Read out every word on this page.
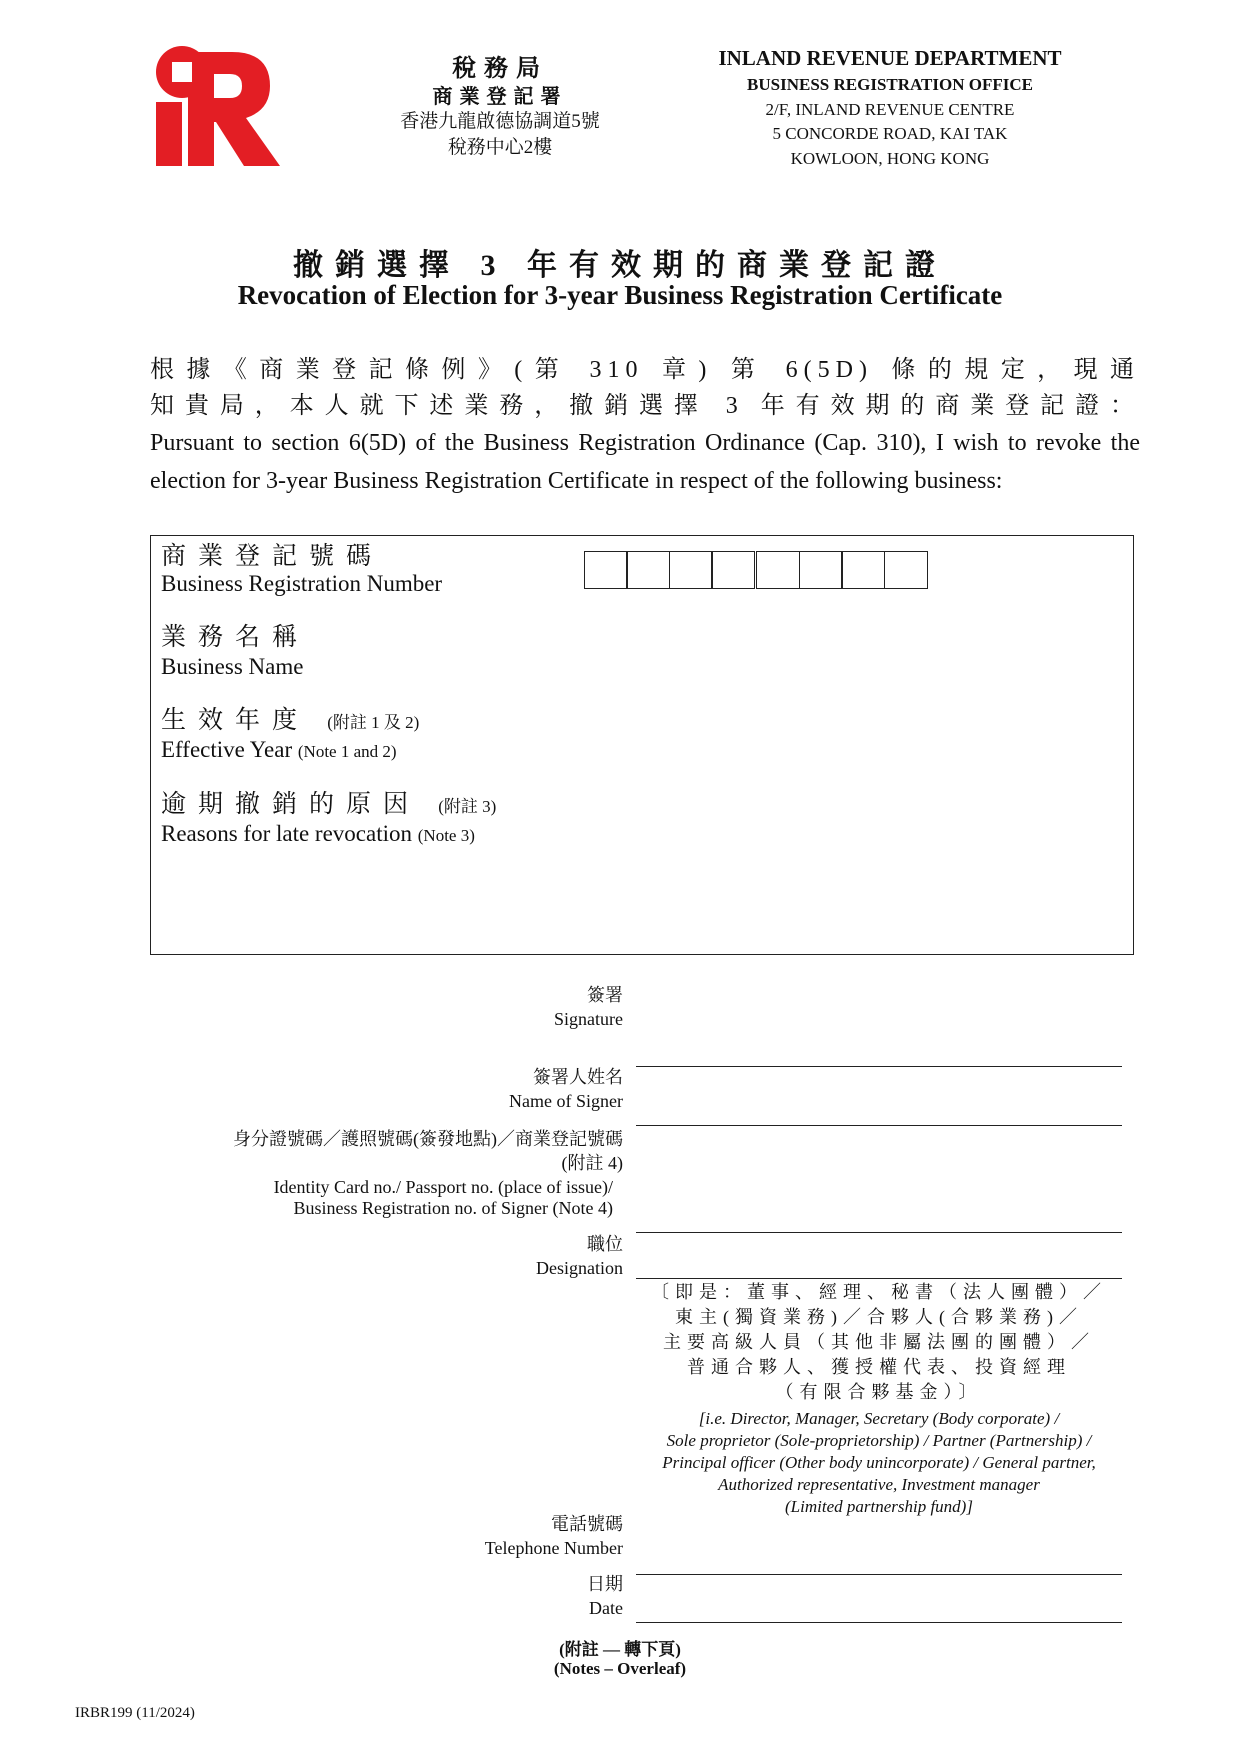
稅務局
商業登記署
香港九龍啟德協調道5號
稅務中心2樓
INLAND REVENUE DEPARTMENT
BUSINESS REGISTRATION OFFICE
2/F, INLAND REVENUE CENTRE
5 CONCORDE ROAD, KAI TAK
KOWLOON, HONG KONG
撤銷選擇 3 年有效期的商業登記證
Revocation of Election for 3-year Business Registration Certificate
根據《商業登記條例》(第 310 章) 第 6(5D) 條的規定，現通
知貴局，本人就下述業務，撤銷選擇 3 年有效期的商業登記證：
Pursuant to section 6(5D) of the Business Registration Ordinance (Cap. 310), I wish to revoke the election for 3-year Business Registration Certificate in respect of the following business:
商業登記號碼
Business Registration Number
業務名稱
Business Name
生效年度 (附註 1 及 2)
Effective Year (Note 1 and 2)
逾期撤銷的原因 (附註 3)
Reasons for late revocation (Note 3)
簽署
Signature
簽署人姓名
Name of Signer
身分證號碼／護照號碼(簽發地點)／商業登記號碼
(附註 4)
Identity Card no./ Passport no. (place of issue)/
Business Registration no. of Signer (Note 4)
職位
Designation
〔即是：董事、經理、秘書（法人團體）／
東主(獨資業務)／合夥人(合夥業務)／
主要高級人員（其他非屬法團的團體）／
普通合夥人、獲授權代表、投資經理
（有限合夥基金）〕
[i.e. Director, Manager, Secretary (Body corporate) /
Sole proprietor (Sole-proprietorship) / Partner (Partnership) /
Principal officer (Other body unincorporate) / General partner,
Authorized representative, Investment manager
(Limited partnership fund)]
電話號碼
Telephone Number
日期
Date
(附註 — 轉下頁)
(Notes – Overleaf)
IRBR199 (11/2024)
